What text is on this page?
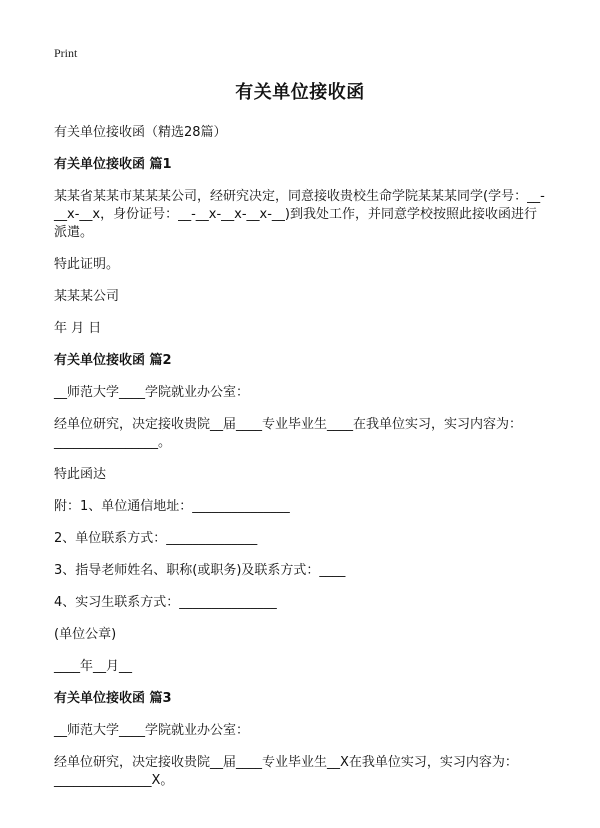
Print
有关单位接收函
有关单位接收函（精选28篇）
有关单位接收函 篇1
某某省某某市某某某公司，经研究决定，同意接收贵校生命学院某某某同学(学号：__-__x-__x，身份证号：__-__x-__x-__x-__)到我处工作，并同意学校按照此接收函进行派遣。
特此证明。
某某某公司
年 月 日
有关单位接收函 篇2
__师范大学____学院就业办公室：
经单位研究，决定接收贵院__届____专业毕业生____在我单位实习，实习内容为：________________。
特此函达
附：1、单位通信地址：_______________
2、单位联系方式：______________
3、指导老师姓名、职称(或职务)及联系方式：____
4、实习生联系方式：_______________
(单位公章)
____年__月__
有关单位接收函 篇3
__师范大学____学院就业办公室：
经单位研究，决定接收贵院__届____专业毕业生__X在我单位实习，实习内容为：_______________X。
